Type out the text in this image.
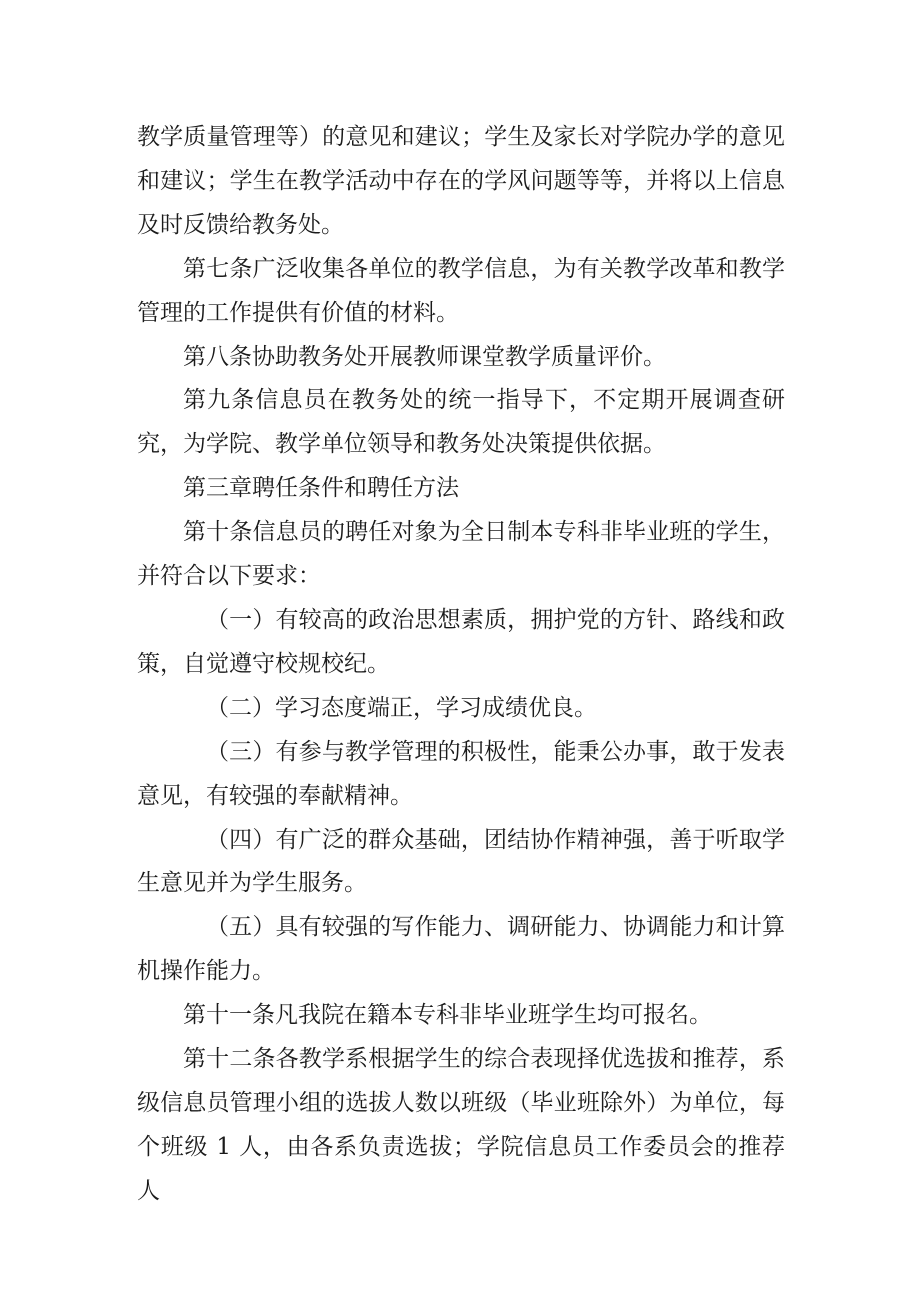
教学质量管理等）的意见和建议；学生及家长对学院办学的意见和建议；学生在教学活动中存在的学风问题等等，并将以上信息及时反馈给教务处。

第七条广泛收集各单位的教学信息，为有关教学改革和教学管理的工作提供有价值的材料。

第八条协助教务处开展教师课堂教学质量评价。

第九条信息员在教务处的统一指导下，不定期开展调查研究，为学院、教学单位领导和教务处决策提供依据。

第三章聘任条件和聘任方法

第十条信息员的聘任对象为全日制本专科非毕业班的学生，并符合以下要求：

（一）有较高的政治思想素质，拥护党的方针、路线和政策，自觉遵守校规校纪。

（二）学习态度端正，学习成绩优良。

（三）有参与教学管理的积极性，能秉公办事，敢于发表意见，有较强的奉献精神。

（四）有广泛的群众基础，团结协作精神强，善于听取学生意见并为学生服务。

（五）具有较强的写作能力、调研能力、协调能力和计算机操作能力。

第十一条凡我院在籍本专科非毕业班学生均可报名。

第十二条各教学系根据学生的综合表现择优选拔和推荐，系级信息员管理小组的选拔人数以班级（毕业班除外）为单位，每个班级 1 人，由各系负责选拔；学院信息员工作委员会的推荐人
